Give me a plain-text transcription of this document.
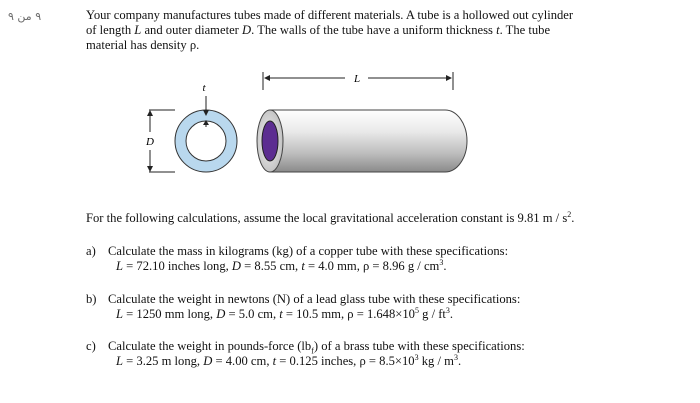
٩ من ٩	Your company manufactures tubes made of different materials. A tube is a hollowed out cylinder
of length L and outer diameter D. The walls of the tube have a uniform thickness t. The tube
material has density ρ.
t
D
L
For the following calculations, assume the local gravitational acceleration constant is 9.81 m / $s^2$.
a) Calculate the mass in kilograms (kg) of a copper tube with these specifications:
L = 72.10 inches long, D = 8.55 cm, t = 4.0 mm, ρ = 8.96 g / $cm^3$.
b) Calculate the weight in newtons (N) of a lead glass tube with these specifications:
L = 1250 mm long, D = 5.0 cm, t = 10.5 mm, $\rho = 1.648\times 10^5$ g / $ft^3$.
c) Calculate the weight in pounds-force $(lb_f)$ of a brass tube with these specifications:
L = 3.25 m long, D = 4.00 cm, t = 0.125 inches, $\rho = 8.5\times 10^3$ kg / $m^3$.
